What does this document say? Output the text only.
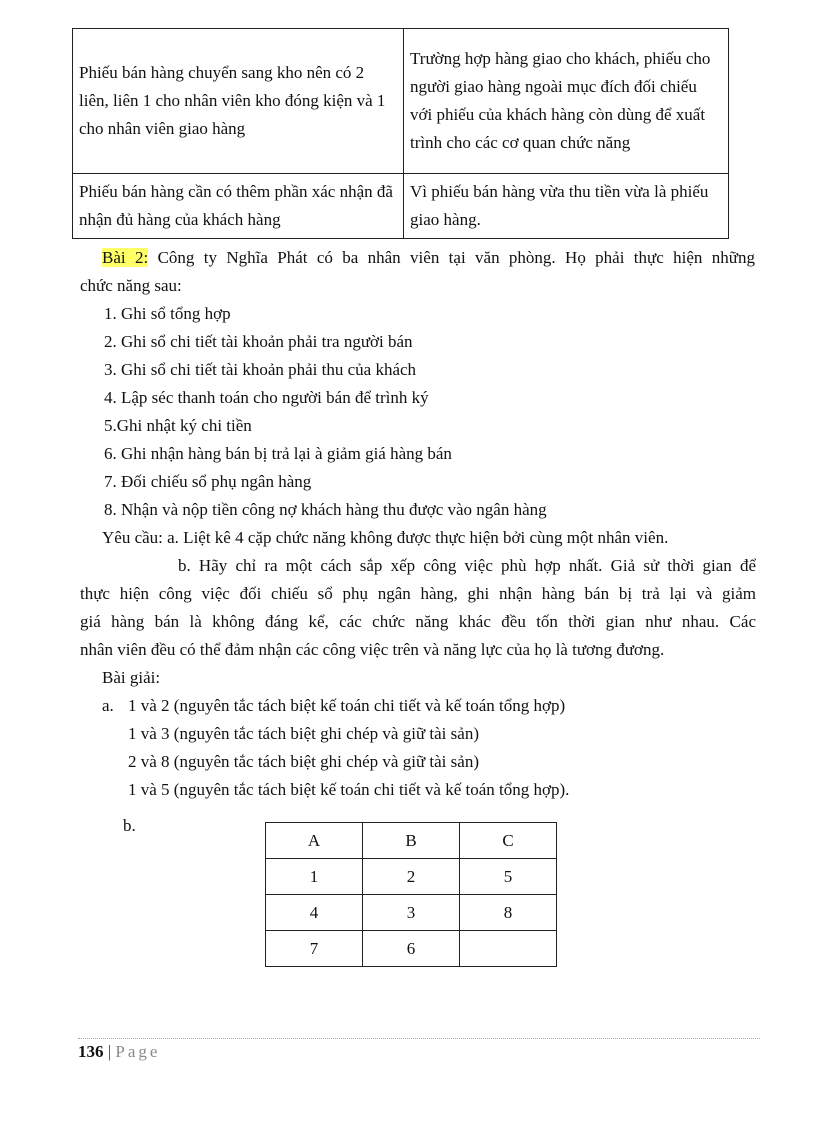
Phiếu bán hàng chuyển sang kho nên có 2 liên, liên 1 cho nhân viên kho đóng kiện và 1 cho nhân viên giao hàng	Trường hợp hàng giao cho khách, phiếu cho người giao hàng ngoài mục đích đối chiếu với phiếu của khách hàng còn dùng để xuất trình cho các cơ quan chức năng
Phiếu bán hàng cần có thêm phần xác nhận đã nhận đủ hàng của khách hàng	Vì phiếu bán hàng vừa thu tiền vừa là phiếu giao hàng.
Bài 2: Công ty Nghĩa Phát có ba nhân viên tại văn phòng. Họ phải thực hiện những
chức năng sau:
1. Ghi sổ tổng hợp
2. Ghi sổ chi tiết tài khoản phải tra người bán
3. Ghi sổ chi tiết tài khoản phải thu của khách
4. Lập séc thanh toán cho người bán để trình ký
5.Ghi nhật ký chi tiền
6. Ghi nhận hàng bán bị trả lại à giảm giá hàng bán
7. Đối chiếu sổ phụ ngân hàng
8. Nhận và nộp tiền công nợ khách hàng thu được vào ngân hàng
Yêu cầu: a. Liệt kê 4 cặp chức năng không được thực hiện bởi cùng một nhân viên.
b. Hãy chỉ ra một cách sắp xếp công việc phù hợp nhất. Giả sử thời gian để
thực hiện công việc đối chiếu sổ phụ ngân hàng, ghi nhận hàng bán bị trả lại và giảm
giá hàng bán là không đáng kể, các chức năng khác đều tốn thời gian như nhau. Các
nhân viên đều có thể đảm nhận các công việc trên và năng lực của họ là tương đương.
Bài giải:
a. 1 và 2 (nguyên tắc tách biệt kế toán chi tiết và kế toán tổng hợp)
1 và 3 (nguyên tắc tách biệt ghi chép và giữ tài sản)
2 và 8 (nguyên tắc tách biệt ghi chép và giữ tài sản)
1 và 5 (nguyên tắc tách biệt kế toán chi tiết và kế toán tổng hợp).
b.
A	B	C
1	2	5
4	3	8
7	6	
136 | Page
